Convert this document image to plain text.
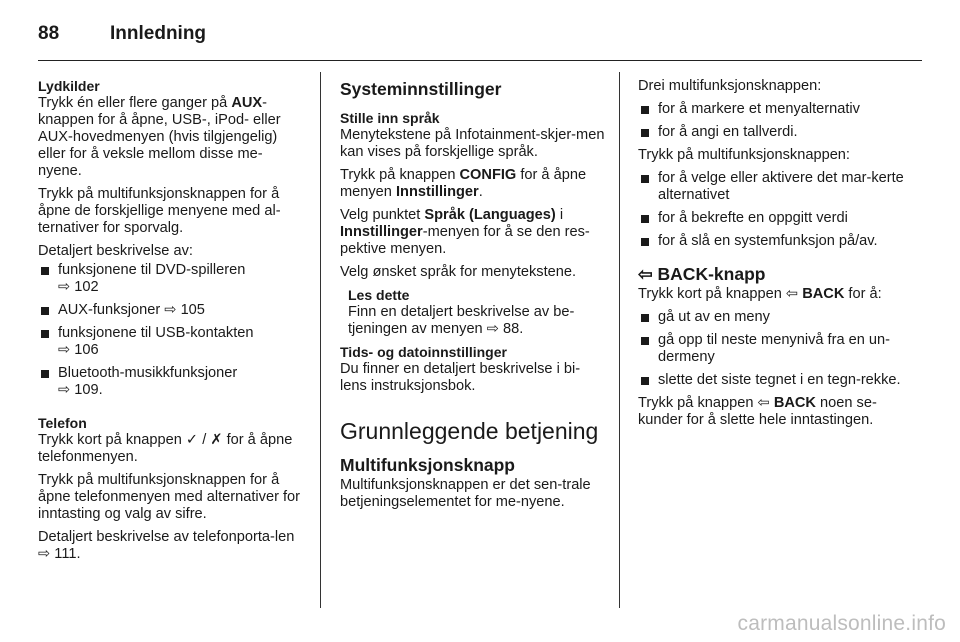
88	Innledning
Lydkilder

Trykk én eller flere ganger på AUX-knappen for å åpne, USB-, iPod- eller AUX-hovedmenyen (hvis tilgjengelig) eller for å veksle mellom disse me-nyene.

Trykk på multifunksjonsknappen for å åpne de forskjellige menyene med al-ternativer for sporvalg.

Detaljert beskrivelse av:

funksjonene til DVD-spilleren
⇨ 102
AUX-funksjoner ⇨ 105
funksjonene til USB-kontakten
⇨ 106
Bluetooth-musikkfunksjoner
⇨ 109.
Telefon

Trykk kort på knappen ✓ / ✗ for å åpne telefonmenyen.

Trykk på multifunksjonsknappen for å åpne telefonmenyen med alternativer for inntasting og valg av sifre.

Detaljert beskrivelse av telefonporta-len ⇨ 111.

Systeminnstillinger
Stille inn språk

Menytekstene på Infotainment-skjer-men kan vises på forskjellige språk.

Trykk på knappen CONFIG for å åpne menyen Innstillinger.

Velg punktet Språk (Languages) i Innstillinger-menyen for å se den res-pektive menyen.

Velg ønsket språk for menytekstene.

Les dette
Finn en detaljert beskrivelse av be-tjeningen av menyen ⇨ 88.
Tids- og datoinnstillinger

Du finner en detaljert beskrivelse i bi-lens instruksjonsbok.

Grunnleggende betjening
Multifunksjonsknapp

Multifunksjonsknappen er det sen-trale betjeningselementet for me-nyene.

Drei multifunksjonsknappen:

for å markere et menyalternativ
for å angi en tallverdi.

Trykk på multifunksjonsknappen:

for å velge eller aktivere det mar-kerte alternativet
for å bekrefte en oppgitt verdi
for å slå en systemfunksjon på/av.
⇦ BACK-knapp

Trykk kort på knappen ⇦ BACK for å:

gå ut av en meny
gå opp til neste menynivå fra en un-dermeny
slette det siste tegnet i en tegn-rekke.

Trykk på knappen ⇦ BACK noen se-kunder for å slette hele inntastingen.

carmanualsonline.info
